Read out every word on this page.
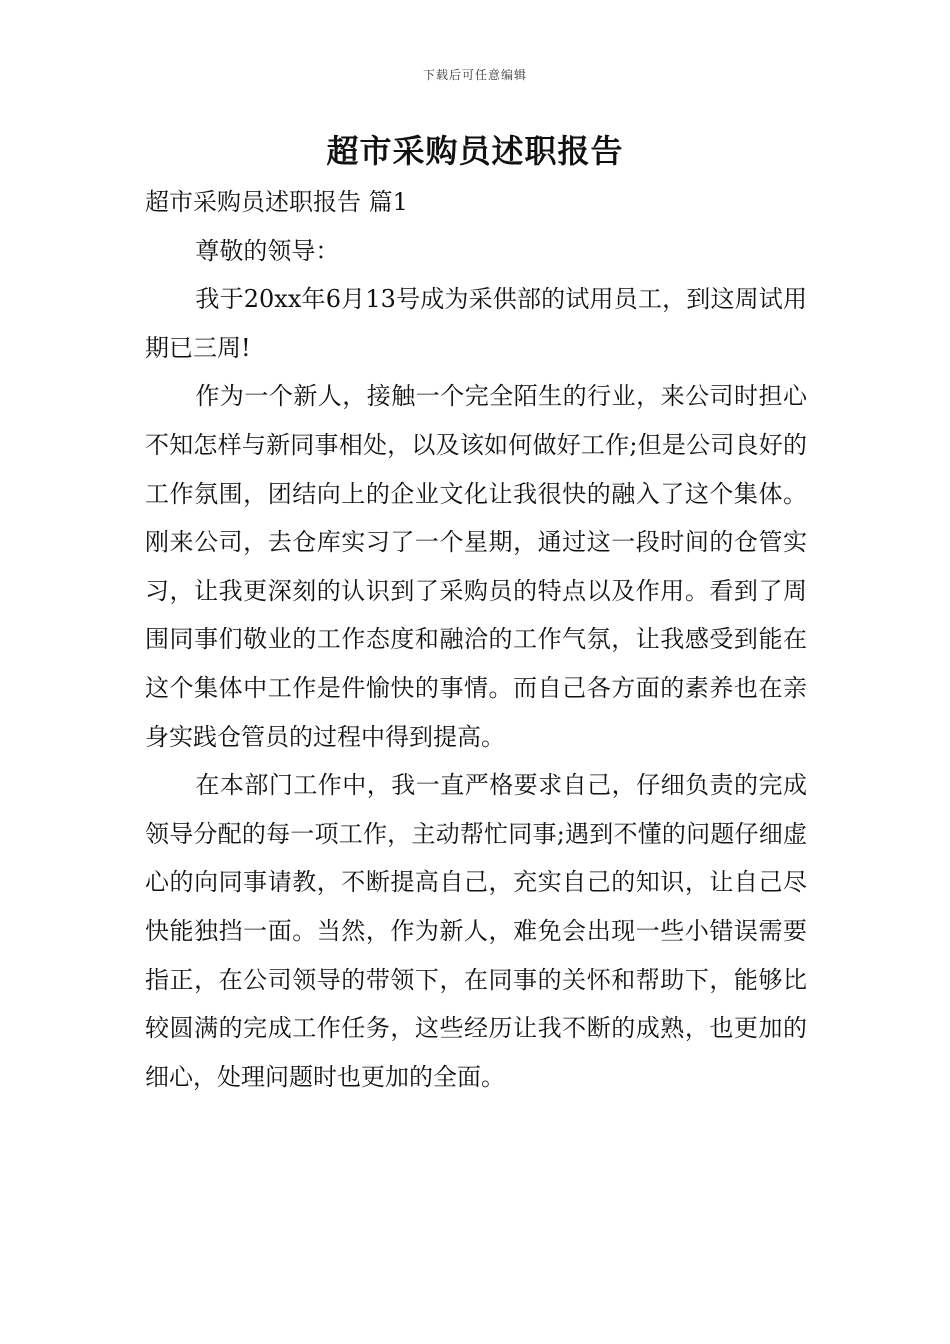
下载后可任意编辑
超市采购员述职报告

超市采购员述职报告 篇1

尊敬的领导：

我于20xx年6月13号成为采供部的试用员工，到这周试用期已三周!

作为一个新人，接触一个完全陌生的行业，来公司时担心不知怎样与新同事相处，以及该如何做好工作;但是公司良好的工作氛围，团结向上的企业文化让我很快的融入了这个集体。刚来公司，去仓库实习了一个星期，通过这一段时间的仓管实习，让我更深刻的认识到了采购员的特点以及作用。看到了周围同事们敬业的工作态度和融洽的工作气氛，让我感受到能在这个集体中工作是件愉快的事情。而自己各方面的素养也在亲身实践仓管员的过程中得到提高。

在本部门工作中，我一直严格要求自己，仔细负责的完成领导分配的每一项工作，主动帮忙同事;遇到不懂的问题仔细虚心的向同事请教，不断提高自己，充实自己的知识，让自己尽快能独挡一面。当然，作为新人，难免会出现一些小错误需要指正，在公司领导的带领下，在同事的关怀和帮助下，能够比较圆满的完成工作任务，这些经历让我不断的成熟，也更加的细心，处理问题时也更加的全面。
